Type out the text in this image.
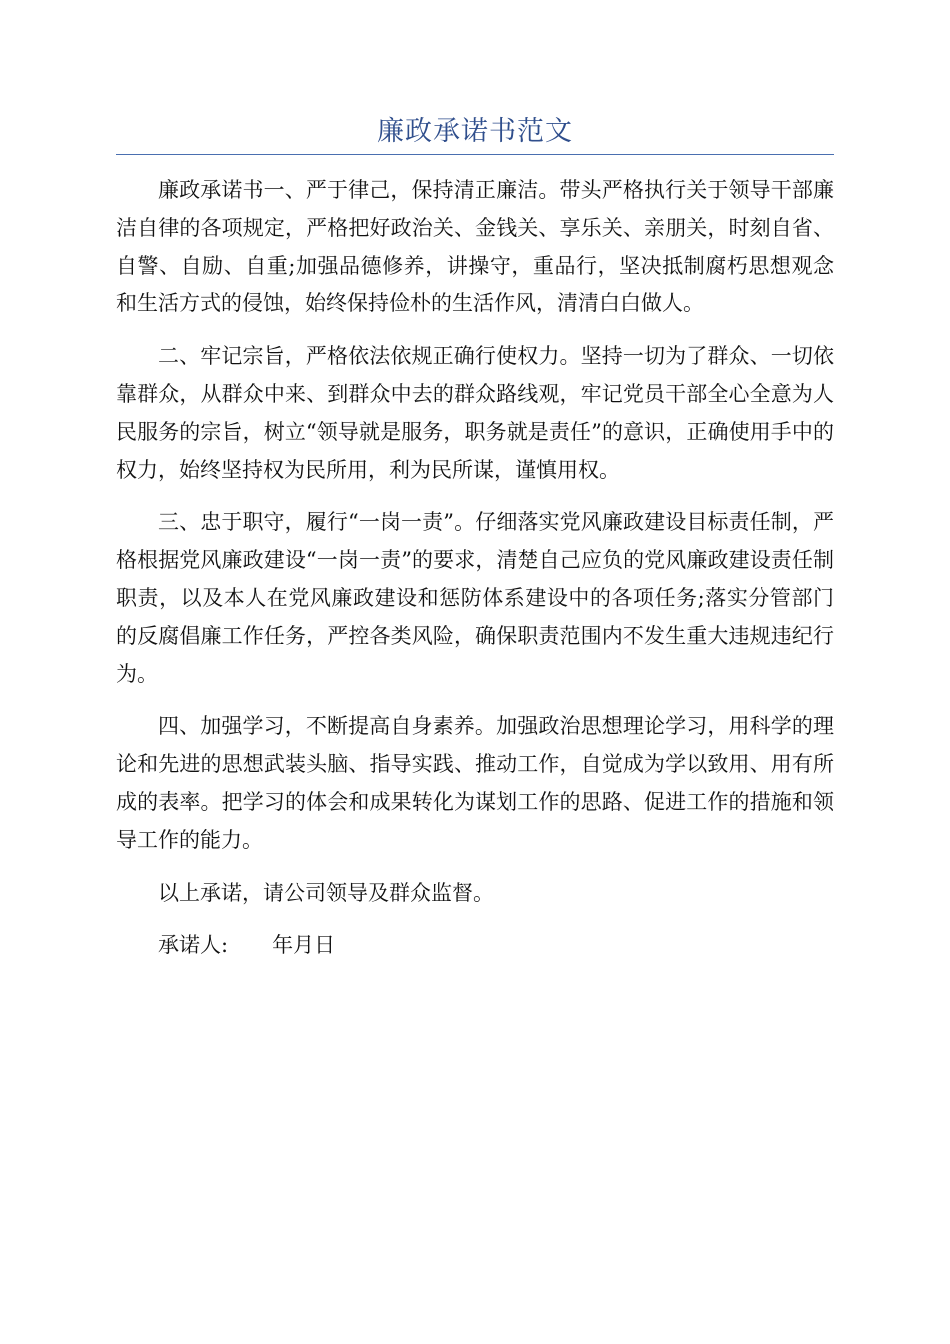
廉政承诺书范文

廉政承诺书一、严于律己，保持清正廉洁。带头严格执行关于领导干部廉洁自律的各项规定，严格把好政治关、金钱关、享乐关、亲朋关，时刻自省、自警、自励、自重;加强品德修养，讲操守，重品行，坚决抵制腐朽思想观念和生活方式的侵蚀，始终保持俭朴的生活作风，清清白白做人。

二、牢记宗旨，严格依法依规正确行使权力。坚持一切为了群众、一切依靠群众，从群众中来、到群众中去的群众路线观，牢记党员干部全心全意为人民服务的宗旨，树立“领导就是服务，职务就是责任”的意识，正确使用手中的权力，始终坚持权为民所用，利为民所谋，谨慎用权。

三、忠于职守，履行“一岗一责”。仔细落实党风廉政建设目标责任制，严格根据党风廉政建设“一岗一责”的要求，清楚自己应负的党风廉政建设责任制职责，以及本人在党风廉政建设和惩防体系建设中的各项任务;落实分管部门的反腐倡廉工作任务，严控各类风险，确保职责范围内不发生重大违规违纪行为。

四、加强学习，不断提高自身素养。加强政治思想理论学习，用科学的理论和先进的思想武装头脑、指导实践、推动工作，自觉成为学以致用、用有所成的表率。把学习的体会和成果转化为谋划工作的思路、促进工作的措施和领导工作的能力。

以上承诺，请公司领导及群众监督。

承诺人: 年月日
